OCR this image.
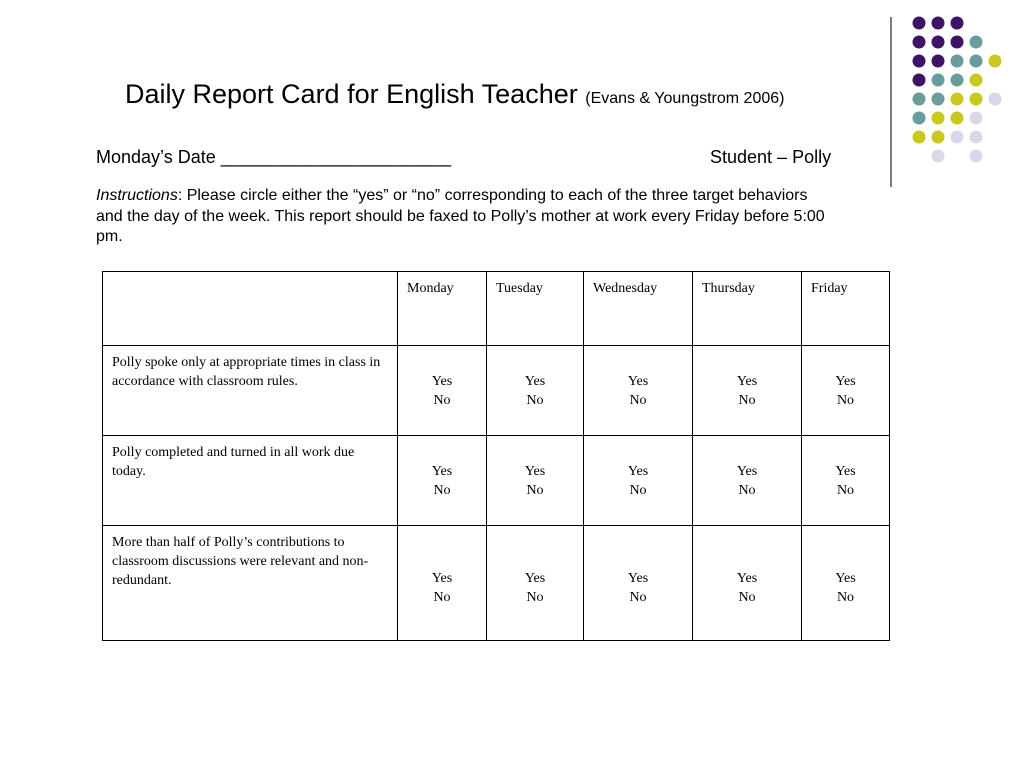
Daily Report Card for English Teacher (Evans & Youngstrom 2006)
Monday’s Date _______________________	Student – Polly

Instructions: Please circle either the “yes” or “no” corresponding to each of the three target behaviors and the day of the week. This report should be faxed to Polly’s mother at work every Friday before 5:00 pm.

	Monday	Tuesday	Wednesday	Thursday	Friday
Polly spoke only at appropriate times in class in accordance with classroom rules.	Yes
No	Yes
No	Yes
No	Yes
No	Yes
No

Polly completed and turned in all work due today.	Yes
No	Yes
No	Yes
No	Yes
No	Yes
No

More than half of Polly’s contributions to classroom discussions were relevant and non-redundant.	Yes
No	Yes
No	Yes
No	Yes
No	Yes
No
